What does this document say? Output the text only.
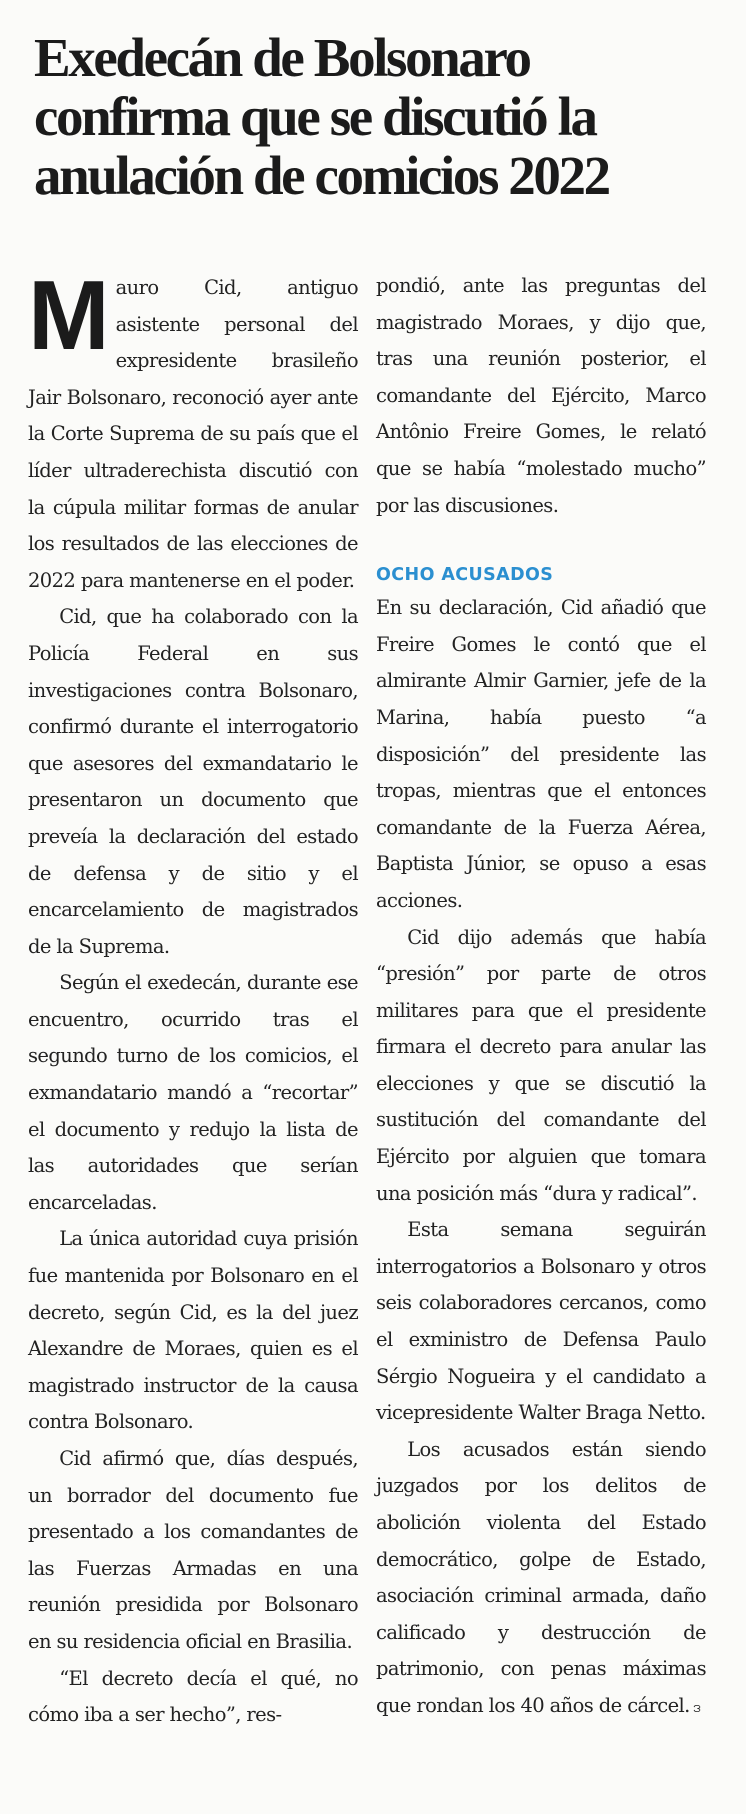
Exedecán de Bolsonaro confirma que se discutió la anulación de comicios 2022

Mauro Cid, antiguo asistente personal del expresidente brasileño Jair Bolsonaro, reconoció ayer ante la Corte Suprema de su país que el líder ultraderechista discutió con la cúpula militar formas de anular los resultados de las elecciones de 2022 para mantenerse en el poder.

Cid, que ha colaborado con la Policía Federal en sus investigaciones contra Bolsonaro, confirmó durante el interrogatorio que asesores del exmandatario le presentaron un documento que preveía la declaración del estado de defensa y de sitio y el encarcelamiento de magistrados de la Suprema.

Según el exedecán, durante ese encuentro, ocurrido tras el segundo turno de los comicios, el exmandatario mandó a “recortar” el documento y redujo la lista de las autoridades que serían encarceladas.

La única autoridad cuya prisión fue mantenida por Bolsonaro en el decreto, según Cid, es la del juez Alexandre de Moraes, quien es el magistrado instructor de la causa contra Bolsonaro.

Cid afirmó que, días después, un borrador del documento fue presentado a los comandantes de las Fuerzas Armadas en una reunión presidida por Bolsonaro en su residencia oficial en Brasilia.

“El decreto decía el qué, no cómo iba a ser hecho”, res-

pondió, ante las preguntas del magistrado Moraes, y dijo que, tras una reunión posterior, el comandante del Ejército, Marco Antônio Freire Gomes, le relató que se había “molestado mucho” por las discusiones.

OCHO ACUSADOS

En su declaración, Cid añadió que Freire Gomes le contó que el almirante Almir Garnier, jefe de la Marina, había puesto “a disposición” del presidente las tropas, mientras que el entonces comandante de la Fuerza Aérea, Baptista Júnior, se opuso a esas acciones.

Cid dijo además que había “presión” por parte de otros militares para que el presidente firmara el decreto para anular las elecciones y que se discutió la sustitución del comandante del Ejército por alguien que tomara una posición más “dura y radical”.

Esta semana seguirán interrogatorios a Bolsonaro y otros seis colaboradores cercanos, como el exministro de Defensa Paulo Sérgio Nogueira y el candidato a vicepresidente Walter Braga Netto.

Los acusados están siendo juzgados por los delitos de abolición violenta del Estado democrático, golpe de Estado, asociación criminal armada, daño calificado y destrucción de patrimonio, con penas máximas que rondan los 40 años de cárcel. ဒ
